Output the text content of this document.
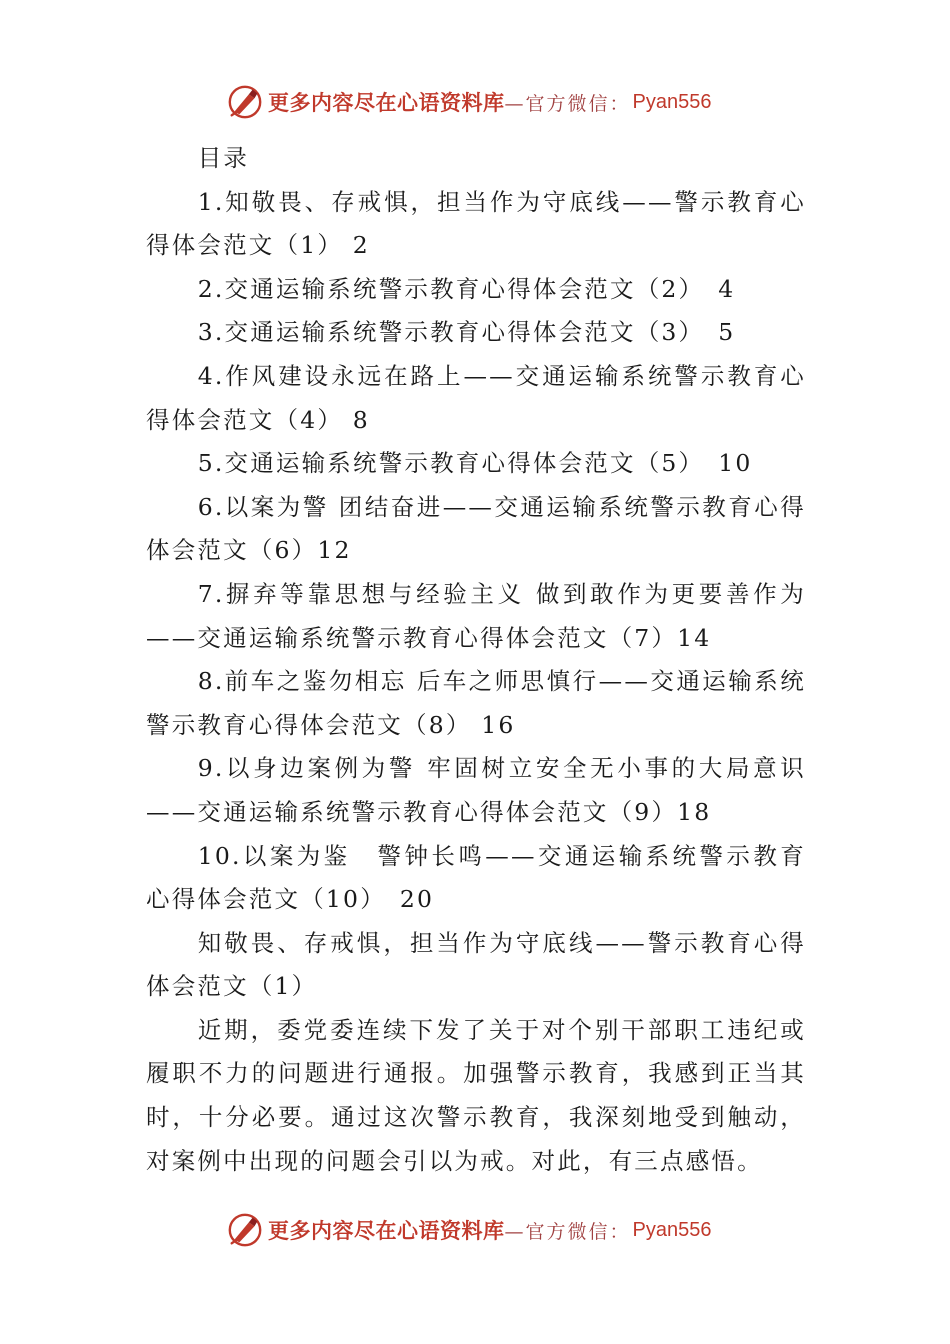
更多内容尽在心语资料库 —官方微信： Pyan556

目录

1.知敬畏、存戒惧，担当作为守底线——警示教育心得体会范文（1） 2

2.交通运输系统警示教育心得体会范文（2）　4

3.交通运输系统警示教育心得体会范文（3）　5

4.作风建设永远在路上——交通运输系统警示教育心得体会范文（4） 8

5.交通运输系统警示教育心得体会范文（5）　10

6.以案为警 团结奋进——交通运输系统警示教育心得体会范文（6）12

7.摒弃等靠思想与经验主义 做到敢作为更要善作为——交通运输系统警示教育心得体会范文（7）14

8.前车之鉴勿相忘 后车之师思慎行——交通运输系统警示教育心得体会范文（8） 16

9.以身边案例为警 牢固树立安全无小事的大局意识——交通运输系统警示教育心得体会范文（9）18

10.以案为鉴　警钟长鸣——交通运输系统警示教育心得体会范文（10）　20

知敬畏、存戒惧，担当作为守底线——警示教育心得体会范文（1）

近期，委党委连续下发了关于对个别干部职工违纪或履职不力的问题进行通报。加强警示教育，我感到正当其时，十分必要。通过这次警示教育，我深刻地受到触动，对案例中出现的问题会引以为戒。对此，有三点感悟。

更多内容尽在心语资料库 —官方微信： Pyan556
